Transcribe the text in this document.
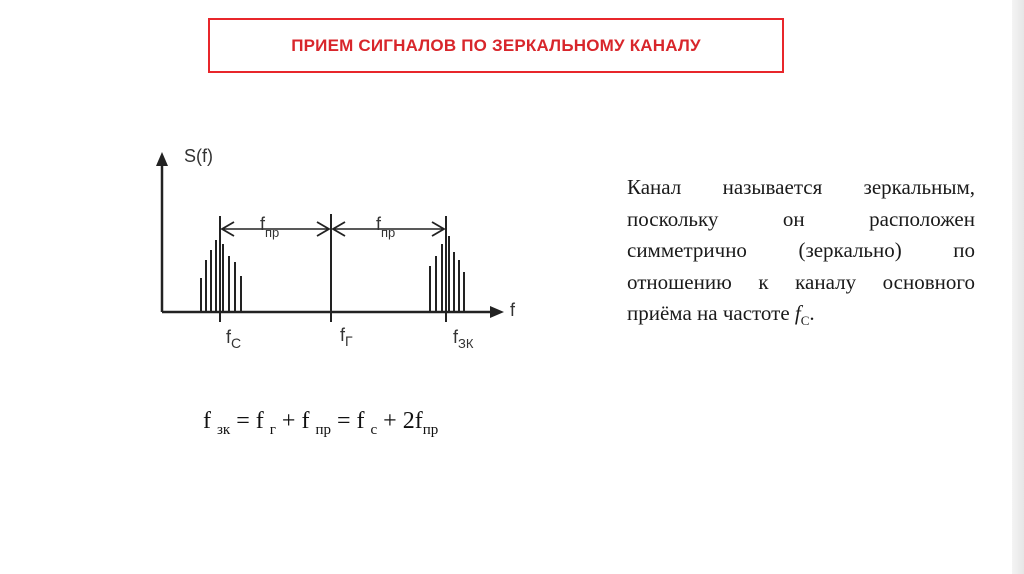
ПРИЕМ СИГНАЛОВ ПО ЗЕРКАЛЬНОМУ КАНАЛУ
S(f)
f
$f_{пр}$	$f_{пр}$
$f_C$	$f_Г$	$f_{ЗК}$
Канал называется зеркальным, поскольку он расположен симметрично (зеркально) по отношению к каналу основного приёма на частоте $f_C$.
f $_{зк}$ = f $_г$ + f $_{пр}$ = f $_c + 2f_{пр}$
